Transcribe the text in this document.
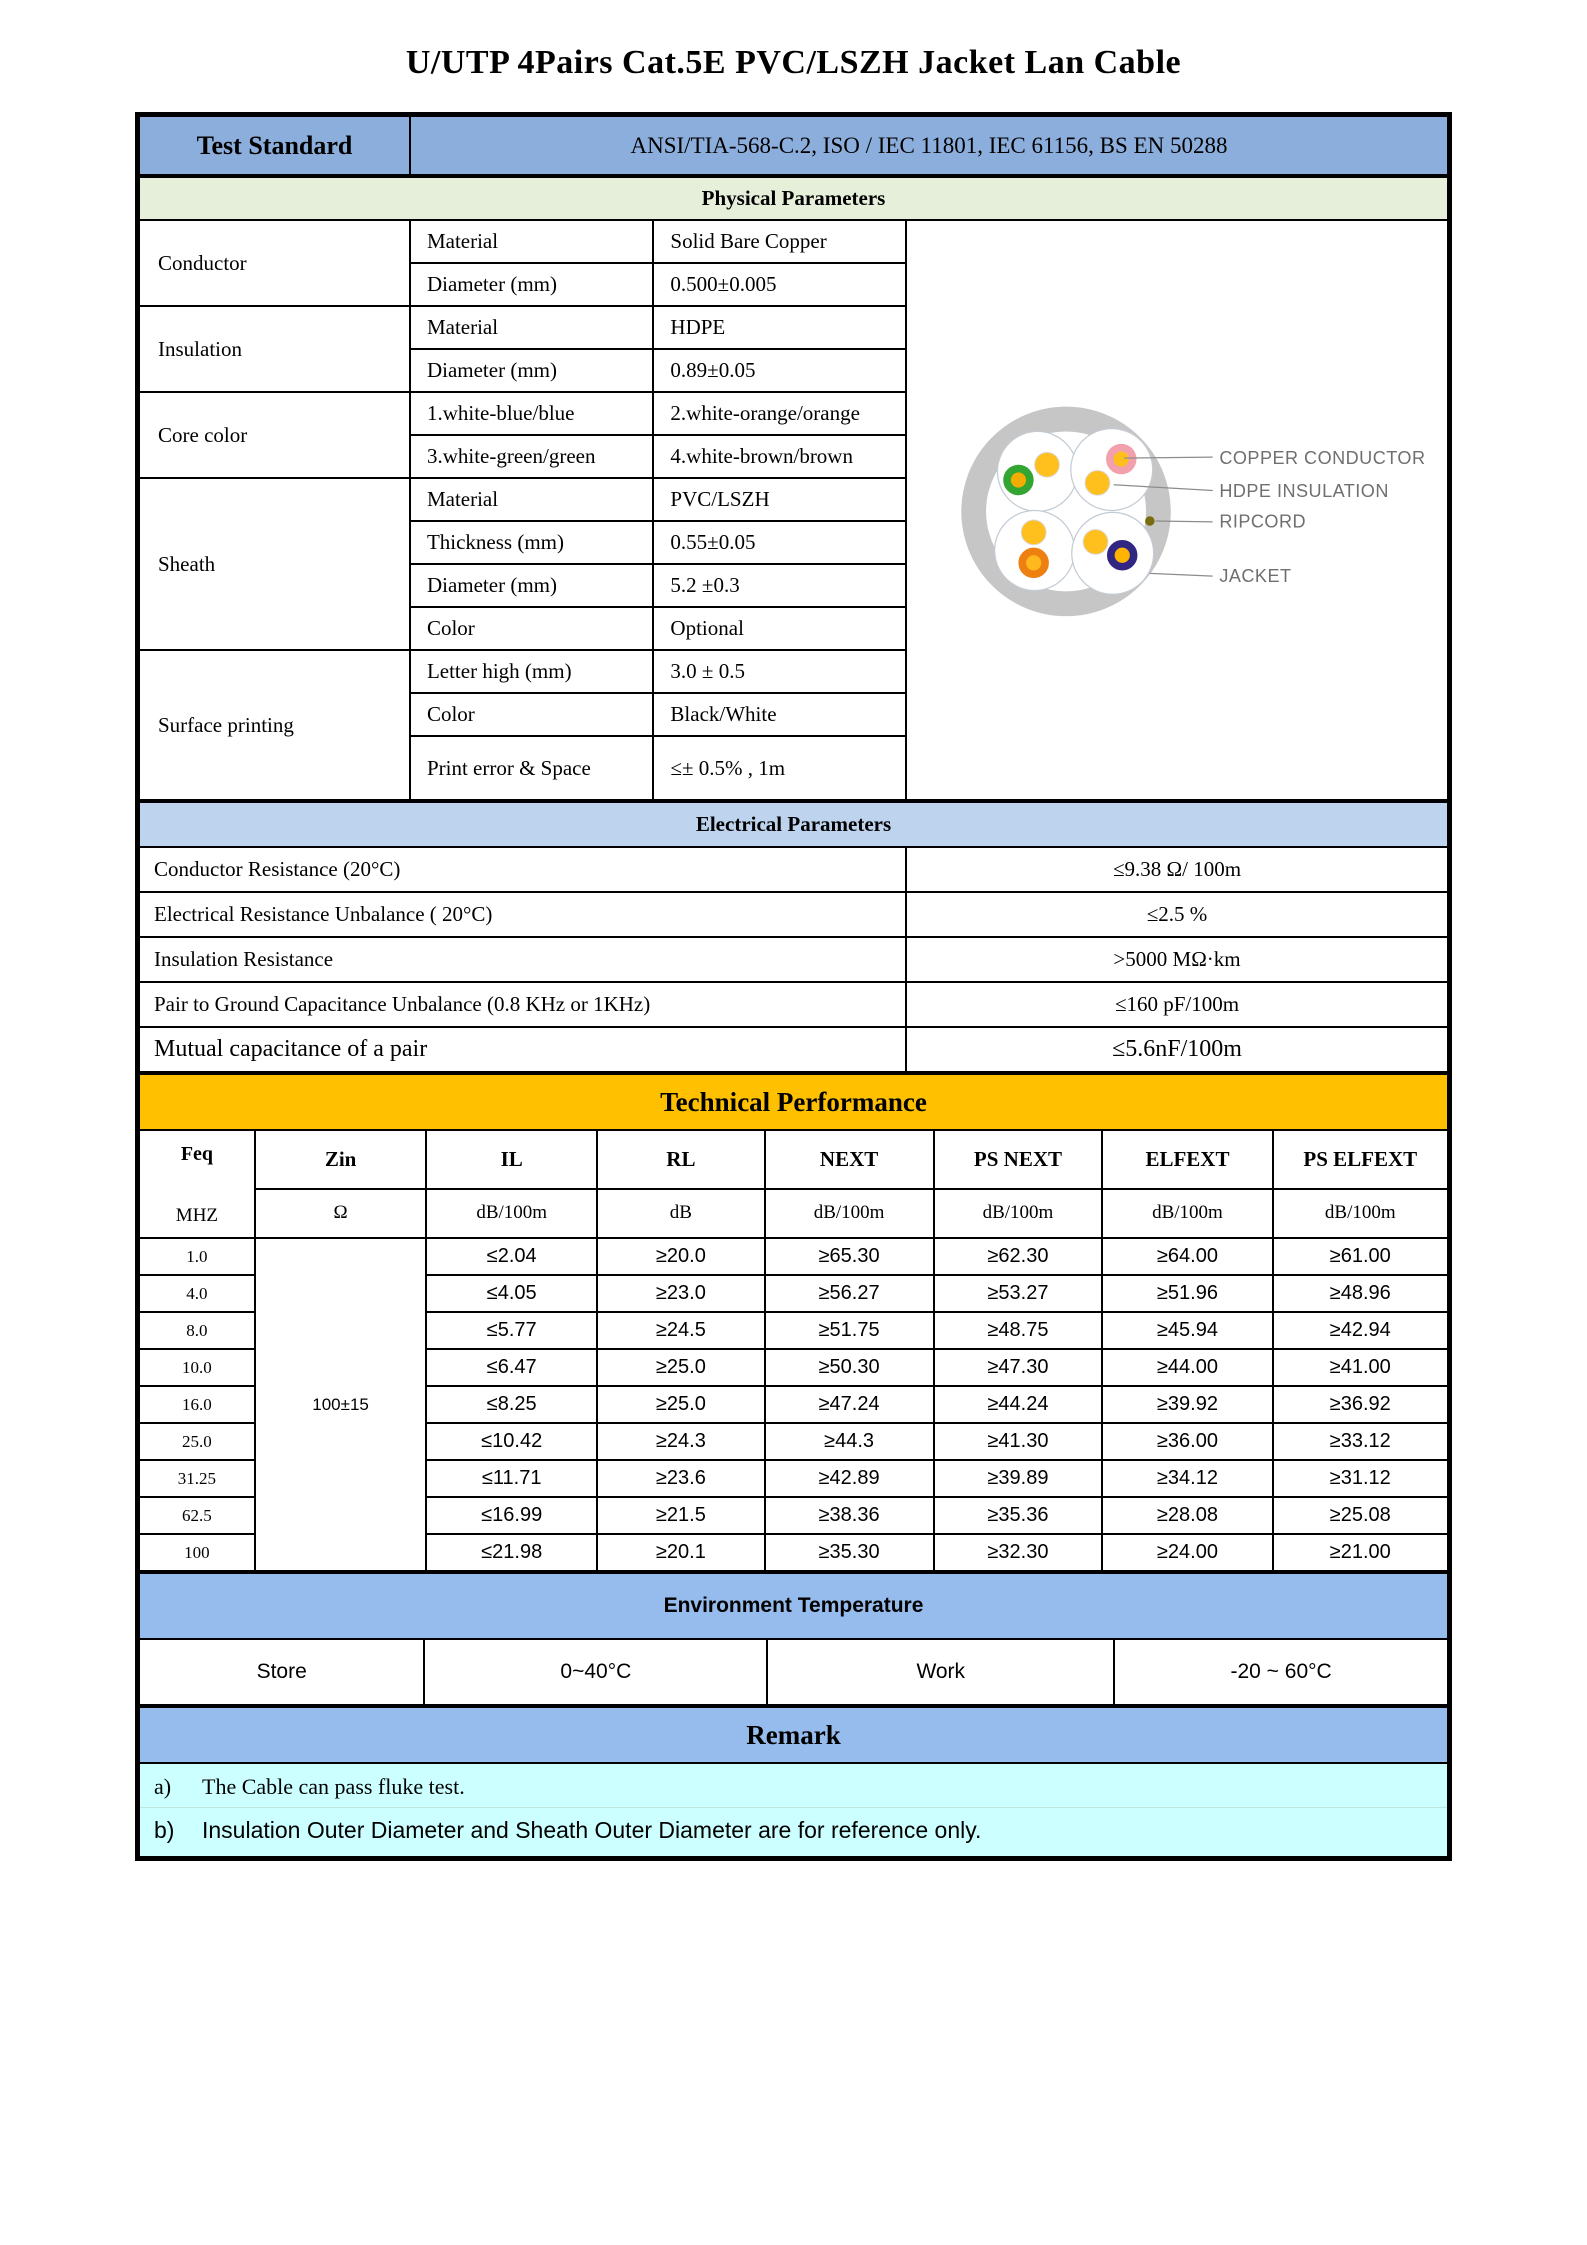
U/UTP 4Pairs Cat.5E PVC/LSZH Jacket Lan Cable
Test Standard	ANSI/TIA-568-C.2, ISO / IEC 11801, IEC 61156, BS EN 50288
Physical Parameters			
Conductor	Material	Solid Bare Copper	COPPER CONDUCTOR
HDPE INSULATION
RIPCORD
JACKET

	Diameter (mm)	0.500±0.005	
Insulation	Material	HDPE	
	Diameter (mm)	0.89±0.05	
Core color	1.white-blue/blue	2.white-orange/orange	
	3.white-green/green	4.white-brown/brown	
Sheath	Material	PVC/LSZH	
	Thickness (mm)	0.55±0.05	
	Diameter (mm)	5.2 ±0.3	
	Color	Optional	
Surface printing	Letter high (mm)	3.0 ± 0.5	
	Color	Black/White	
	Print error & Space	≤± 0.5% , 1m	
Electrical Parameters	
Conductor Resistance (20°C)	≤9.38 Ω/ 100m
Electrical Resistance Unbalance ( 20°C)	≤2.5 %
Insulation Resistance	>5000 MΩ·km
Pair to Ground Capacitance Unbalance (0.8 KHz or 1KHz)	≤160 pF/100m
Mutual capacitance of a pair	≤5.6nF/100m
Technical Performance							

Feq
MHZ	Zin	IL	RL	NEXT	PS NEXT	ELFEXT	PS ELFEXT
	Ω	dB/100m	dB	dB/100m	dB/100m	dB/100m	dB/100m
1.0	100±15	≤2.04	≥20.0	≥65.30	≥62.30	≥64.00	≥61.00
4.0		≤4.05	≥23.0	≥56.27	≥53.27	≥51.96	≥48.96
8.0		≤5.77	≥24.5	≥51.75	≥48.75	≥45.94	≥42.94
10.0		≤6.47	≥25.0	≥50.30	≥47.30	≥44.00	≥41.00
16.0		≤8.25	≥25.0	≥47.24	≥44.24	≥39.92	≥36.92
25.0		≤10.42	≥24.3	≥44.3	≥41.30	≥36.00	≥33.12
31.25		≤11.71	≥23.6	≥42.89	≥39.89	≥34.12	≥31.12
62.5		≤16.99	≥21.5	≥38.36	≥35.36	≥28.08	≥25.08
100		≤21.98	≥20.1	≥35.30	≥32.30	≥24.00	≥21.00
Environment Temperature
Store	0~40°C	Work	-20 ~ 60°C
Remark

a) The Cable can pass fluke test.
b) Insulation Outer Diameter and Sheath Outer Diameter are for reference only.
